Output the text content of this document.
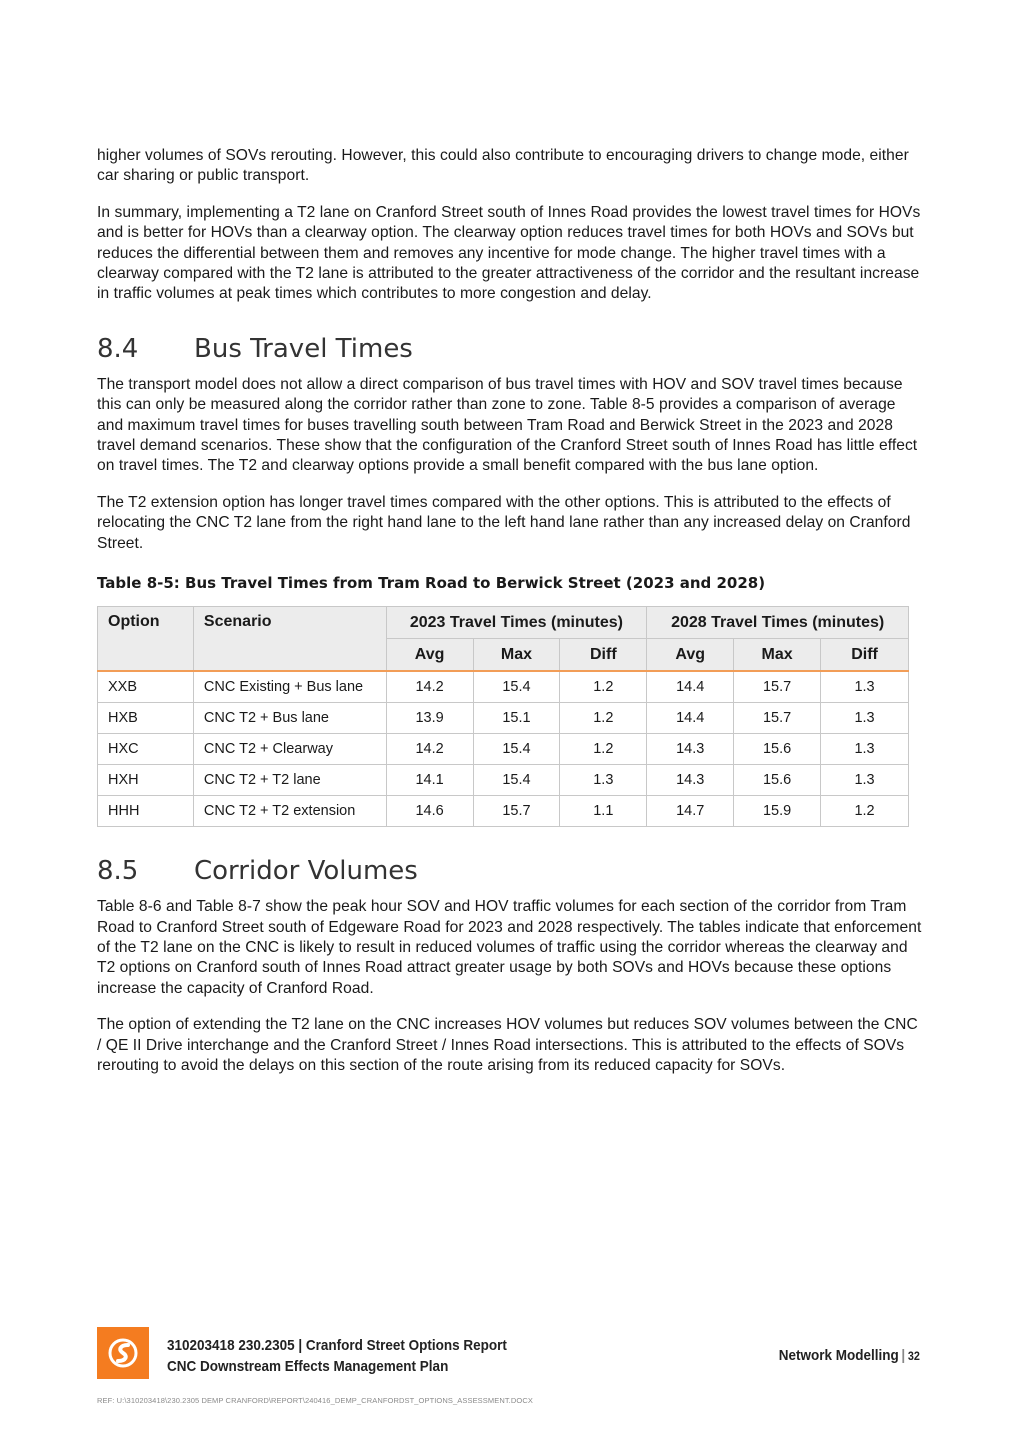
higher volumes of SOVs rerouting. However, this could also contribute to encouraging drivers to change mode, either car sharing or public transport.

In summary, implementing a T2 lane on Cranford Street south of Innes Road provides the lowest travel times for HOVs and is better for HOVs than a clearway option. The clearway option reduces travel times for both HOVs and SOVs but reduces the differential between them and removes any incentive for mode change. The higher travel times with a clearway compared with the T2 lane is attributed to the greater attractiveness of the corridor and the resultant increase in traffic volumes at peak times which contributes to more congestion and delay.

8.4	Bus Travel Times

The transport model does not allow a direct comparison of bus travel times with HOV and SOV travel times because this can only be measured along the corridor rather than zone to zone. Table 8-5 provides a comparison of average and maximum travel times for buses travelling south between Tram Road and Berwick Street in the 2023 and 2028 travel demand scenarios. These show that the configuration of the Cranford Street south of Innes Road has little effect on travel times. The T2 and clearway options provide a small benefit compared with the bus lane option.

The T2 extension option has longer travel times compared with the other options. This is attributed to the effects of relocating the CNC T2 lane from the right hand lane to the left hand lane rather than any increased delay on Cranford Street.

Table 8-5: Bus Travel Times from Tram Road to Berwick Street (2023 and 2028)
Option	Scenario	2023 Travel Times (minutes)			2028 Travel Times (minutes)		
		Avg	Max	Diff	Avg	Max	Diff
XXB	CNC Existing + Bus lane	14.2	15.4	1.2	14.4	15.7	1.3
HXB	CNC T2 + Bus lane	13.9	15.1	1.2	14.4	15.7	1.3
HXC	CNC T2 + Clearway	14.2	15.4	1.2	14.3	15.6	1.3
HXH	CNC T2 + T2 lane	14.1	15.4	1.3	14.3	15.6	1.3
HHH	CNC T2 + T2 extension	14.6	15.7	1.1	14.7	15.9	1.2
8.5	Corridor Volumes

Table 8-6 and Table 8-7 show the peak hour SOV and HOV traffic volumes for each section of the corridor from Tram Road to Cranford Street south of Edgeware Road for 2023 and 2028 respectively. The tables indicate that enforcement of the T2 lane on the CNC is likely to result in reduced volumes of traffic using the corridor whereas the clearway and T2 options on Cranford south of Innes Road attract greater usage by both SOVs and HOVs because these options increase the capacity of Cranford Road.

The option of extending the T2 lane on the CNC increases HOV volumes but reduces SOV volumes between the CNC / QE II Drive interchange and the Cranford Street / Innes Road intersections. This is attributed to the effects of SOVs rerouting to avoid the delays on this section of the route arising from its reduced capacity for SOVs.

310203418 230.2305 | Cranford Street Options Report
CNC Downstream Effects Management Plan
Network Modelling | 32
REF: U:\310203418\230.2305 DEMP CRANFORD\REPORT\240416_DEMP_CRANFORDST_OPTIONS_ASSESSMENT.DOCX
